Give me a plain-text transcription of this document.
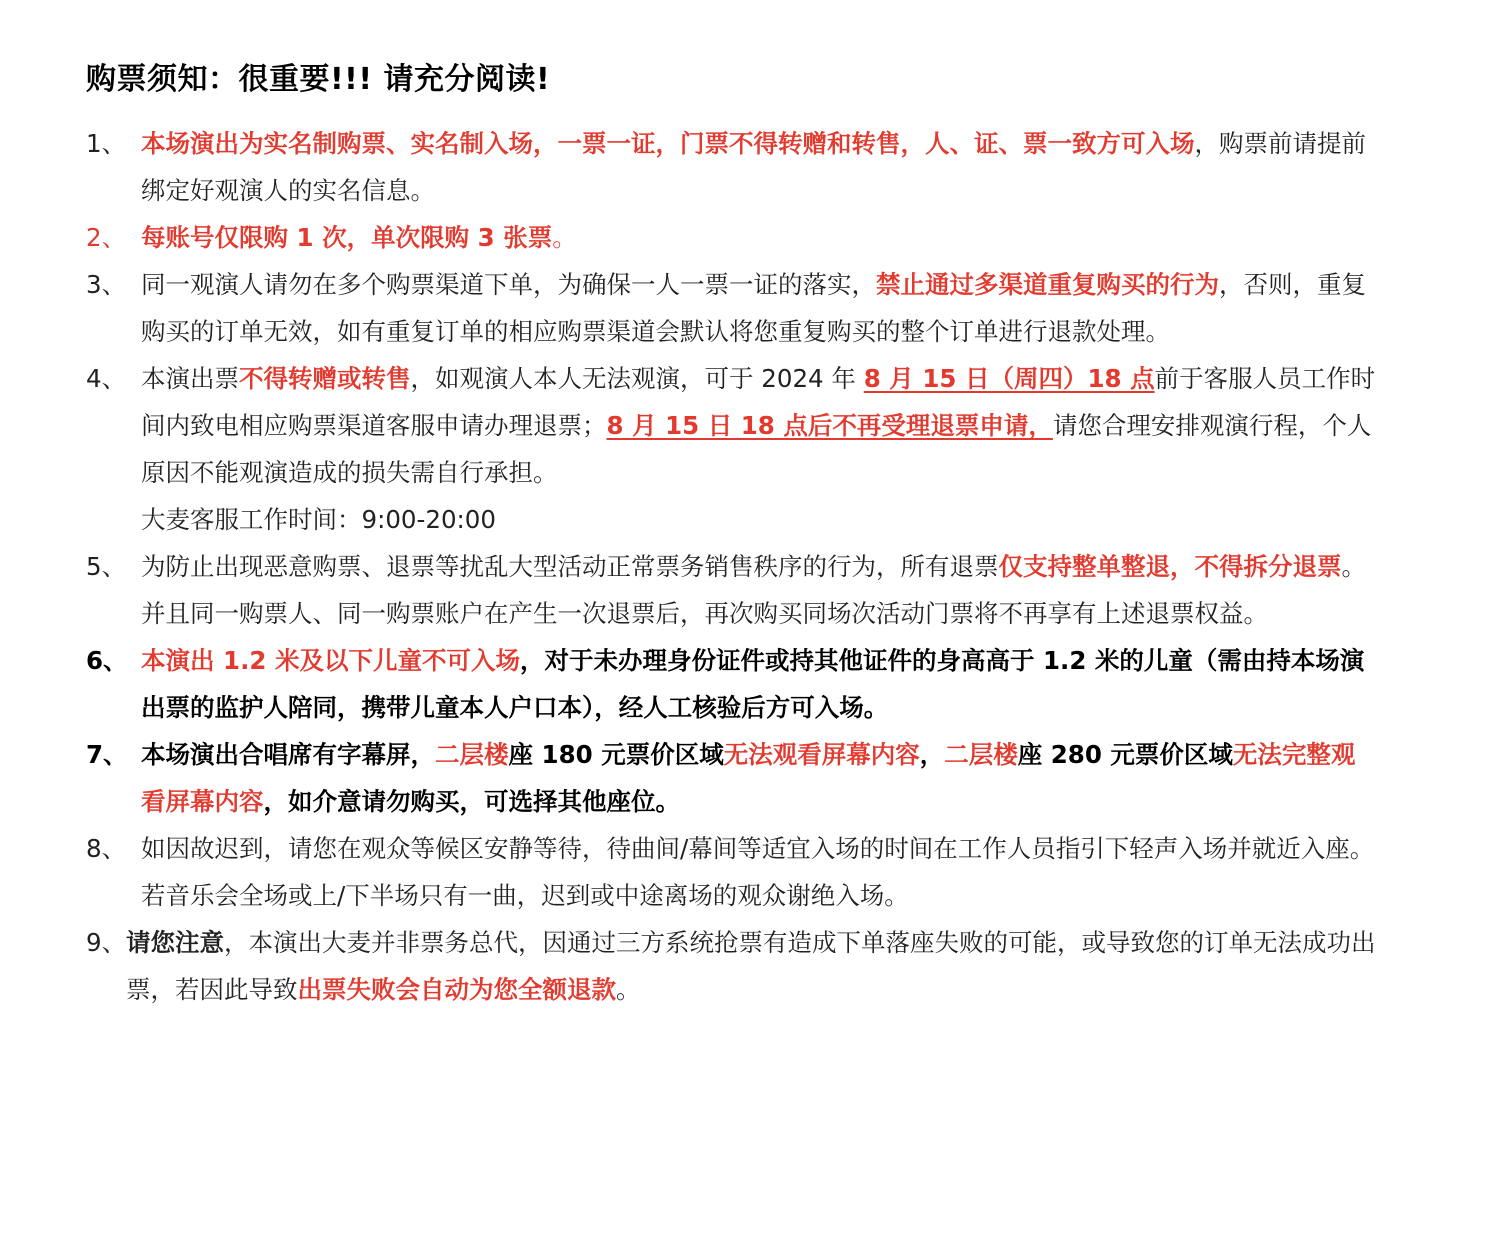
购票须知：很重要!!! 请充分阅读!
1、 本场演出为实名制购票、实名制入场，一票一证，门票不得转赠和转售，人、证、票一致方可入场，购票前请提前绑定好观演人的实名信息。
2、 每账号仅限购 1 次，单次限购 3 张票。
3、 同一观演人请勿在多个购票渠道下单，为确保一人一票一证的落实，禁止通过多渠道重复购买的行为，否则，重复购买的订单无效，如有重复订单的相应购票渠道会默认将您重复购买的整个订单进行退款处理。
4、 本演出票不得转赠或转售，如观演人本人无法观演，可于 2024 年 8 月 15 日（周四）18 点前于客服人员工作时间内致电相应购票渠道客服申请办理退票；8 月 15 日 18 点后不再受理退票申请，请您合理安排观演行程，个人原因不能观演造成的损失需自行承担。
大麦客服工作时间：9:00-20:00
5、 为防止出现恶意购票、退票等扰乱大型活动正常票务销售秩序的行为，所有退票仅支持整单整退，不得拆分退票。并且同一购票人、同一购票账户在产生一次退票后，再次购买同场次活动门票将不再享有上述退票权益。
6、 本演出 1.2 米及以下儿童不可入场，对于未办理身份证件或持其他证件的身高高于 1.2 米的儿童（需由持本场演出票的监护人陪同，携带儿童本人户口本），经人工核验后方可入场。
7、 本场演出合唱席有字幕屏，二层楼座 180 元票价区域无法观看屏幕内容，二层楼座 280 元票价区域无法完整观看屏幕内容，如介意请勿购买，可选择其他座位。
8、 如因故迟到，请您在观众等候区安静等待，待曲间/幕间等适宜入场的时间在工作人员指引下轻声入场并就近入座。若音乐会全场或上/下半场只有一曲，迟到或中途离场的观众谢绝入场。
9、 请您注意，本演出大麦并非票务总代，因通过三方系统抢票有造成下单落座失败的可能，或导致您的订单无法成功出票，若因此导致出票失败会自动为您全额退款。
